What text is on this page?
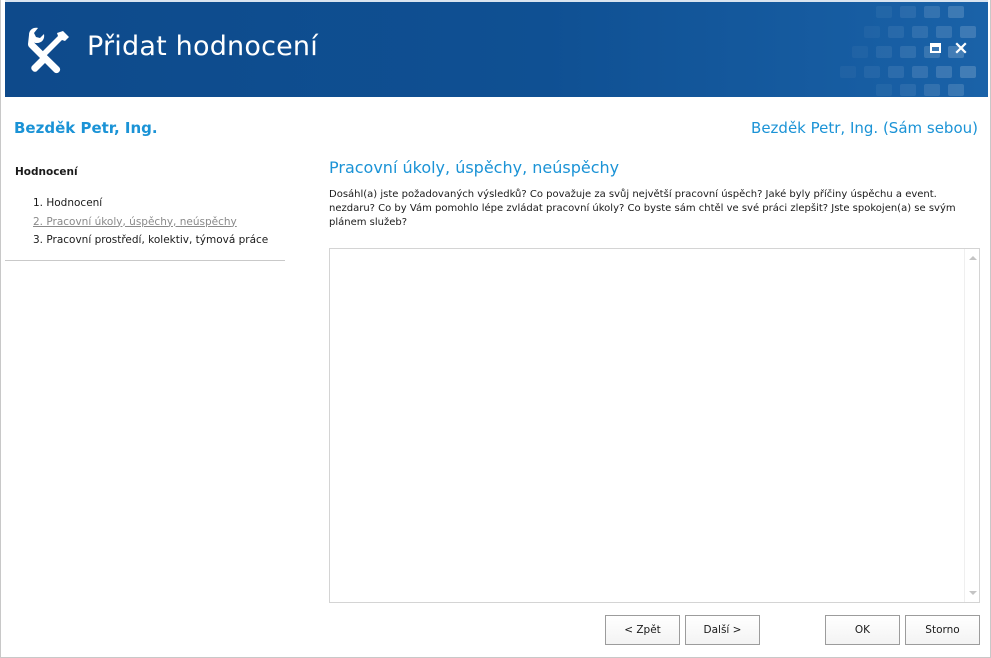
Přidat hodnocení
Bezděk Petr, Ing.	Bezděk Petr, Ing. (Sám sebou)
Hodnocení
1. Hodnocení
2. Pracovní úkoly, úspěchy, neúspěchy
3. Pracovní prostředí, kolektiv, týmová práce
Pracovní úkoly, úspěchy, neúspěchy
Dosáhl(a) jste požadovaných výsledků? Co považuje za svůj největší pracovní úspěch? Jaké byly příčiny úspěchu a event. nezdaru? Co by Vám pomohlo lépe zvládat pracovní úkoly? Co byste sám chtěl ve své práci zlepšit? Jste spokojen(a) se svým plánem služeb?
< Zpět	Další >	OK	Storno
